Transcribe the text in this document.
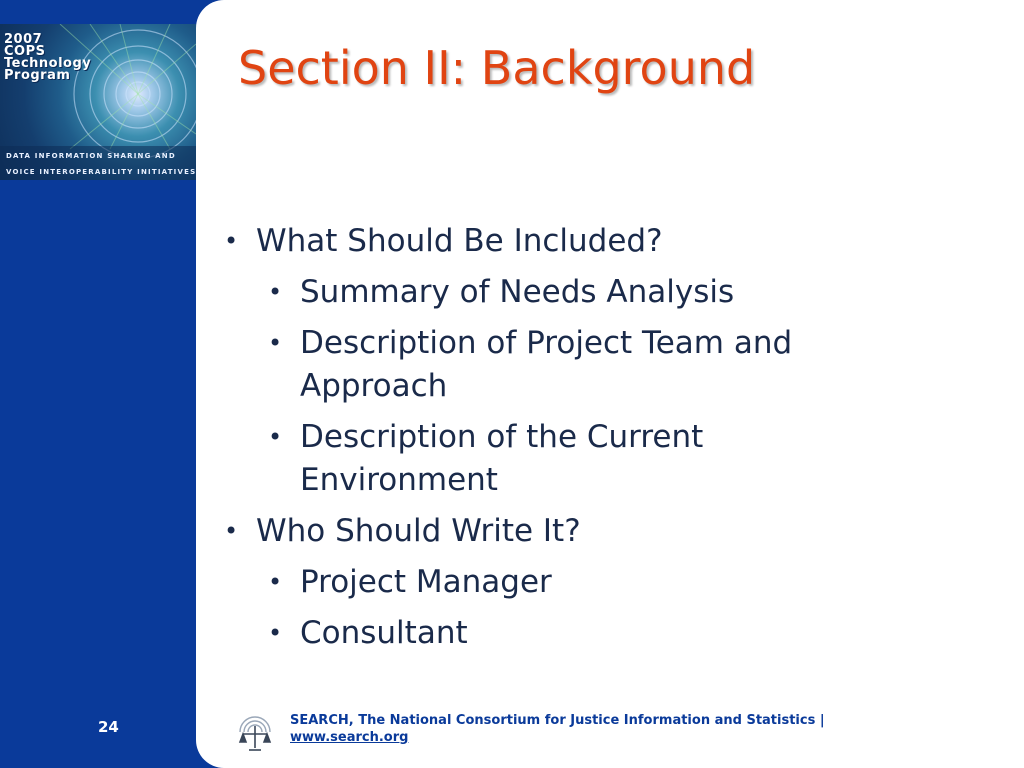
2007
COPS
Technology
Program
DATA INFORMATION SHARING AND
VOICE INTEROPERABILITY INITIATIVES
24
Section II: Background
• What Should Be Included?
• Summary of Needs Analysis
• Description of Project Team and Approach
• Description of the Current Environment
• Who Should Write It?
• Project Manager
• Consultant
SEARCH, The National Consortium for Justice Information and Statistics |
www.search.org
